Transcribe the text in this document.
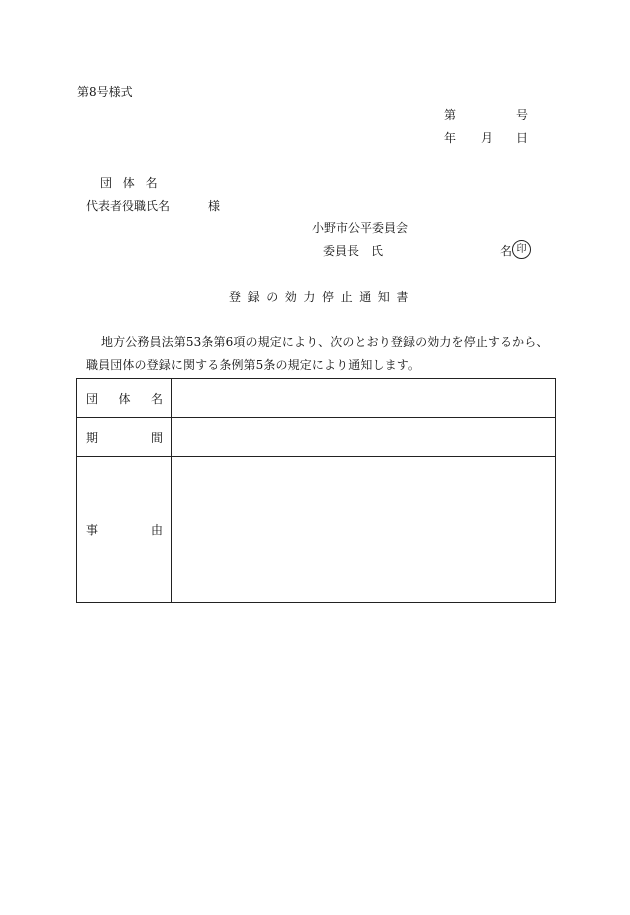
第8号様式
第	号
年 月 日
団体名
代表者役職氏名	様
小野市公平委員会
委員長　氏	名 印
登録の効力停止通知書
地方公務員法第53条第6項の規定により、次のとおり登録の効力を停止するから、職員団体の登録に関する条例第5条の規定により通知します。
団 体 名	

期 間	

事 由	
